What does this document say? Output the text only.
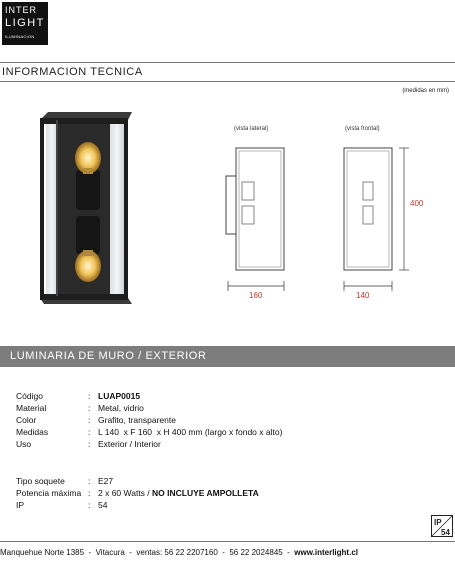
INTER
LIGHT
ILUMINACION
INFORMACION TECNICA
(medidas en mm)
(vista lateral)	(vista frontal)
160
400
140
LUMINARIA DE MURO / EXTERIOR
Código	: LUAP0015
Material	: Metal, vidrio
Color	: Grafito, transparente
Medidas	: L 140  x F 160  x H 400 mm (largo x fondo x alto)
Uso	: Exterior / Interior
Tipo soquete	: E27
Potencia máxima : 2 x 60 Watts / NO INCLUYE AMPOLLETA
IP	: 54
IP
54
Manquehue Norte 1385  -  Vitacura  -  ventas: 56 22 2207160  -  56 22 2024845  -  www.interlight.cl
